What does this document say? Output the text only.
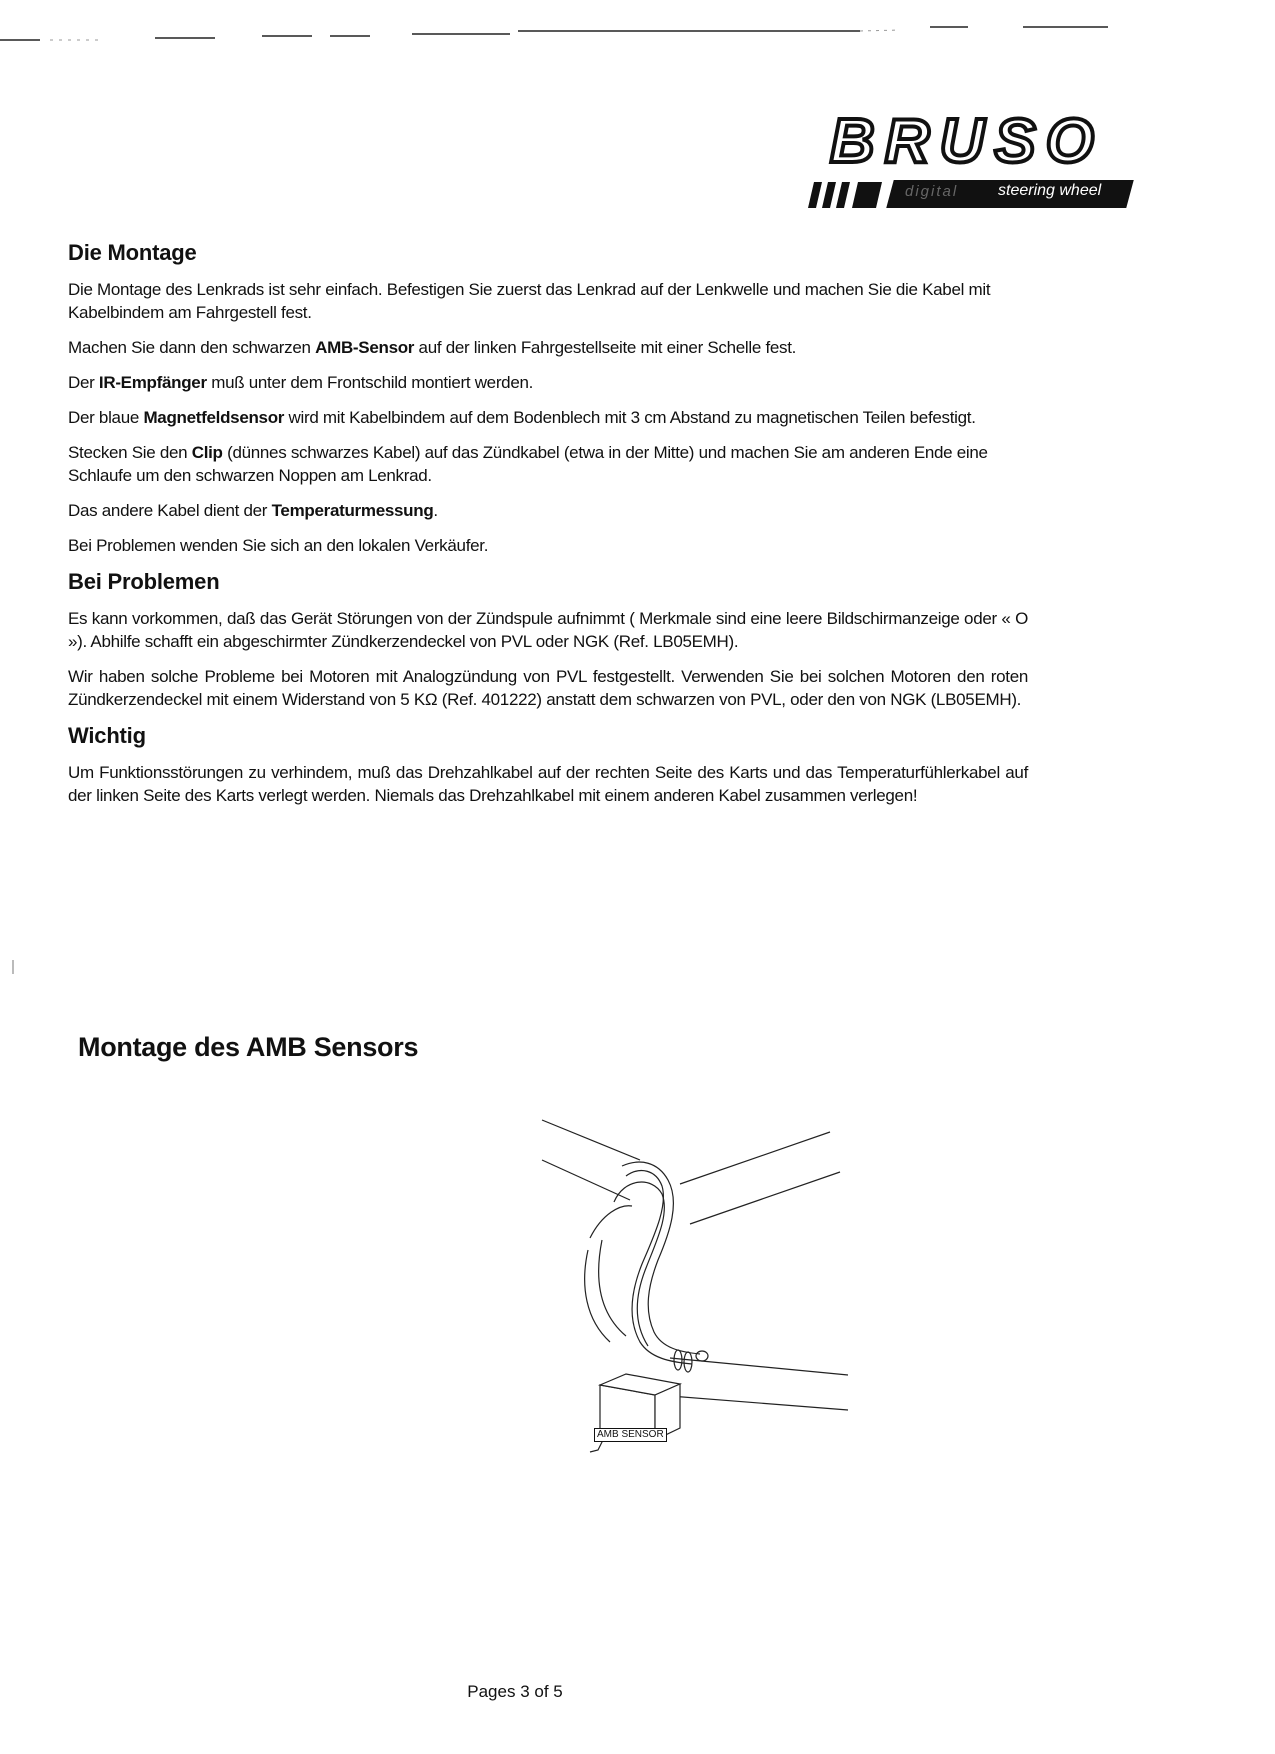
BRUSO
digital steering wheel
Die Montage

Die Montage des Lenkrads ist sehr einfach. Befestigen Sie zuerst das Lenkrad auf der Lenkwelle und machen Sie die Kabel mit Kabelbindem am Fahrgestell fest.

Machen Sie dann den schwarzen AMB-Sensor auf der linken Fahrgestellseite mit einer Schelle fest.

Der IR-Empfänger muß unter dem Frontschild montiert werden.

Der blaue Magnetfeldsensor wird mit Kabelbindem auf dem Bodenblech mit 3 cm Abstand zu magnetischen Teilen befestigt.

Stecken Sie den Clip (dünnes schwarzes Kabel) auf das Zündkabel (etwa in der Mitte) und machen Sie am anderen Ende eine Schlaufe um den schwarzen Noppen am Lenkrad.

Das andere Kabel dient der Temperaturmessung.

Bei Problemen wenden Sie sich an den lokalen Verkäufer.

Bei Problemen

Es kann vorkommen, daß das Gerät Störungen von der Zündspule aufnimmt ( Merkmale sind eine leere Bildschirmanzeige oder « O »). Abhilfe schafft ein abgeschirmter Zündkerzendeckel von PVL oder NGK (Ref. LB05EMH).

Wir haben solche Probleme bei Motoren mit Analogzündung von PVL festgestellt. Verwenden Sie bei solchen Motoren den roten Zündkerzendeckel mit einem Widerstand von 5 KΩ (Ref. 401222) anstatt dem schwarzen von PVL, oder den von NGK (LB05EMH).

Wichtig

Um Funktionsstörungen zu verhindem, muß das Drehzahlkabel auf der rechten Seite des Karts und das Temperaturfühlerkabel auf der linken Seite des Karts verlegt werden. Niemals das Drehzahlkabel mit einem anderen Kabel zusammen verlegen!

Montage des AMB Sensors
AMB SENSOR
Pages 3 of 5
